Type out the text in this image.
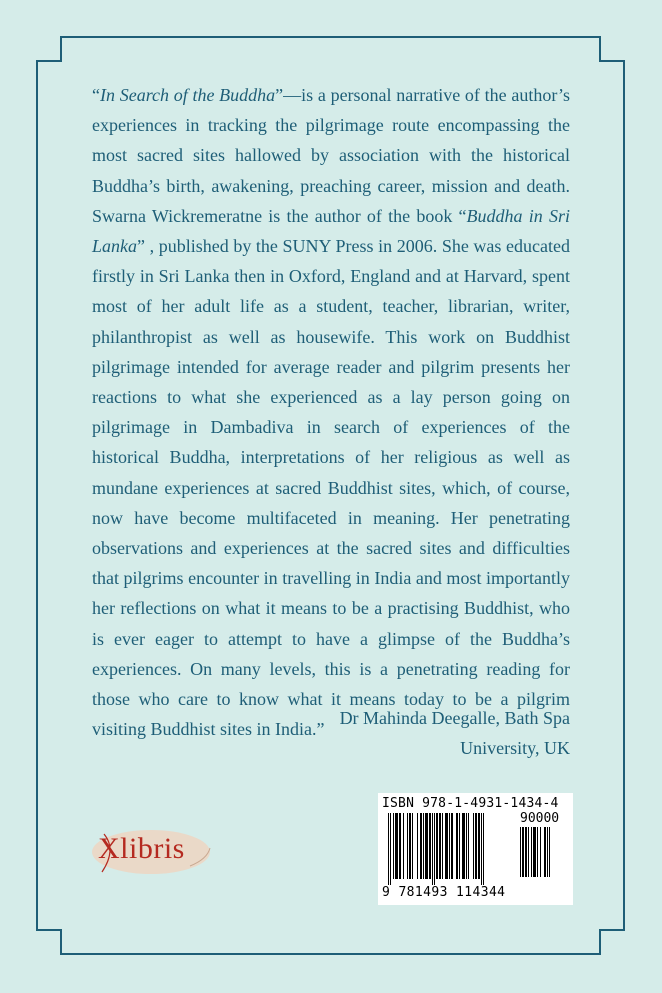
“In Search of the Buddha”—is a personal narrative of the author’s experiences in tracking the pilgrimage route encompassing the most sacred sites hallowed by association with the historical Buddha’s birth, awakening, preaching career, mission and death. Swarna Wickremeratne is the author of the book “Buddha in Sri Lanka” , published by the SUNY Press in 2006. She was educated firstly in Sri Lanka then in Oxford, England and at Harvard, spent most of her adult life as a student, teacher, librarian, writer, philanthropist as well as housewife. This work on Buddhist pilgrimage intended for average reader and pilgrim presents her reactions to what she experienced as a lay person going on pilgrimage in Dambadiva in search of experiences of the historical Buddha, interpretations of her religious as well as mundane experiences at sacred Buddhist sites, which, of course, now have become multifaceted in meaning. Her penetrating observations and experiences at the sacred sites and difficulties that pilgrims encounter in travelling in India and most importantly her reflections on what it means to be a practising Buddhist, who is ever eager to attempt to have a glimpse of the Buddha’s experiences. On many levels, this is a penetrating reading for those who care to know what it means today to be a pilgrim visiting Buddhist sites in India.”

Dr Mahinda Deegalle, Bath Spa
University, UK
Xlibris
ISBN 978-1-4931-1434-4
90000
9 781493 114344
